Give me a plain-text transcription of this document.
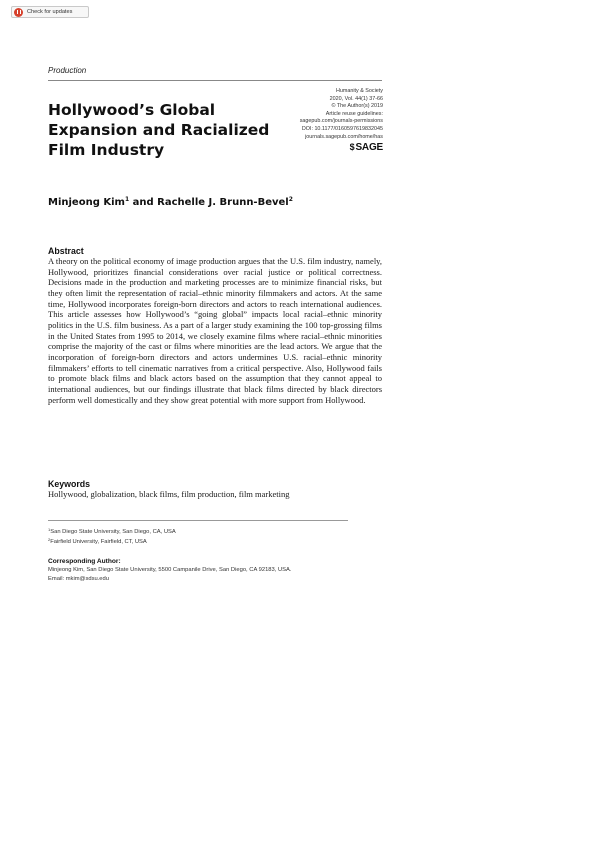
Check for updates
Production
Hollywood’s Global
Expansion and Racialized
Film Industry
Humanity & Society
2020, Vol. 44(1) 37-66
© The Author(s) 2019
Article reuse guidelines:
sagepub.com/journals-permissions
DOI: 10.1177/0160597619832045
journals.sagepub.com/home/has
$ SAGE
Minjeong Kim$^1$ and Rachelle J. Brunn-Bevel$^2$
Abstract

A theory on the political economy of image production argues that the U.S. film industry, namely, Hollywood, prioritizes financial considerations over racial justice or political correctness. Decisions made in the production and marketing processes are to minimize financial risks, but they often limit the representation of racial–ethnic minority filmmakers and actors. At the same time, Hollywood incorporates foreign-born directors and actors to reach international audiences. This article assesses how Hollywood’s “going global” impacts local racial–ethnic minority politics in the U.S. film business. As a part of a larger study examining the 100 top-grossing films in the United States from 1995 to 2014, we closely examine films where racial–ethnic minorities comprise the majority of the cast or films where minorities are the lead actors. We argue that the incorporation of foreign-born directors and actors undermines U.S. racial–ethnic minority filmmakers’ efforts to tell cinematic narratives from a critical perspective. Also, Hollywood fails to promote black films and black actors based on the assumption that they cannot appeal to international audiences, but our findings illustrate that black films directed by black directors perform well domestically and they show great potential with more support from Hollywood.

Keywords
Hollywood, globalization, black films, film production, film marketing
$^1$San Diego State University, San Diego, CA, USA
$^2$Fairfield University, Fairfield, CT, USA
Corresponding Author:
Minjeong Kim, San Diego State University, 5500 Campanile Drive, San Diego, CA 92183, USA.
Email: mkim@sdsu.edu
